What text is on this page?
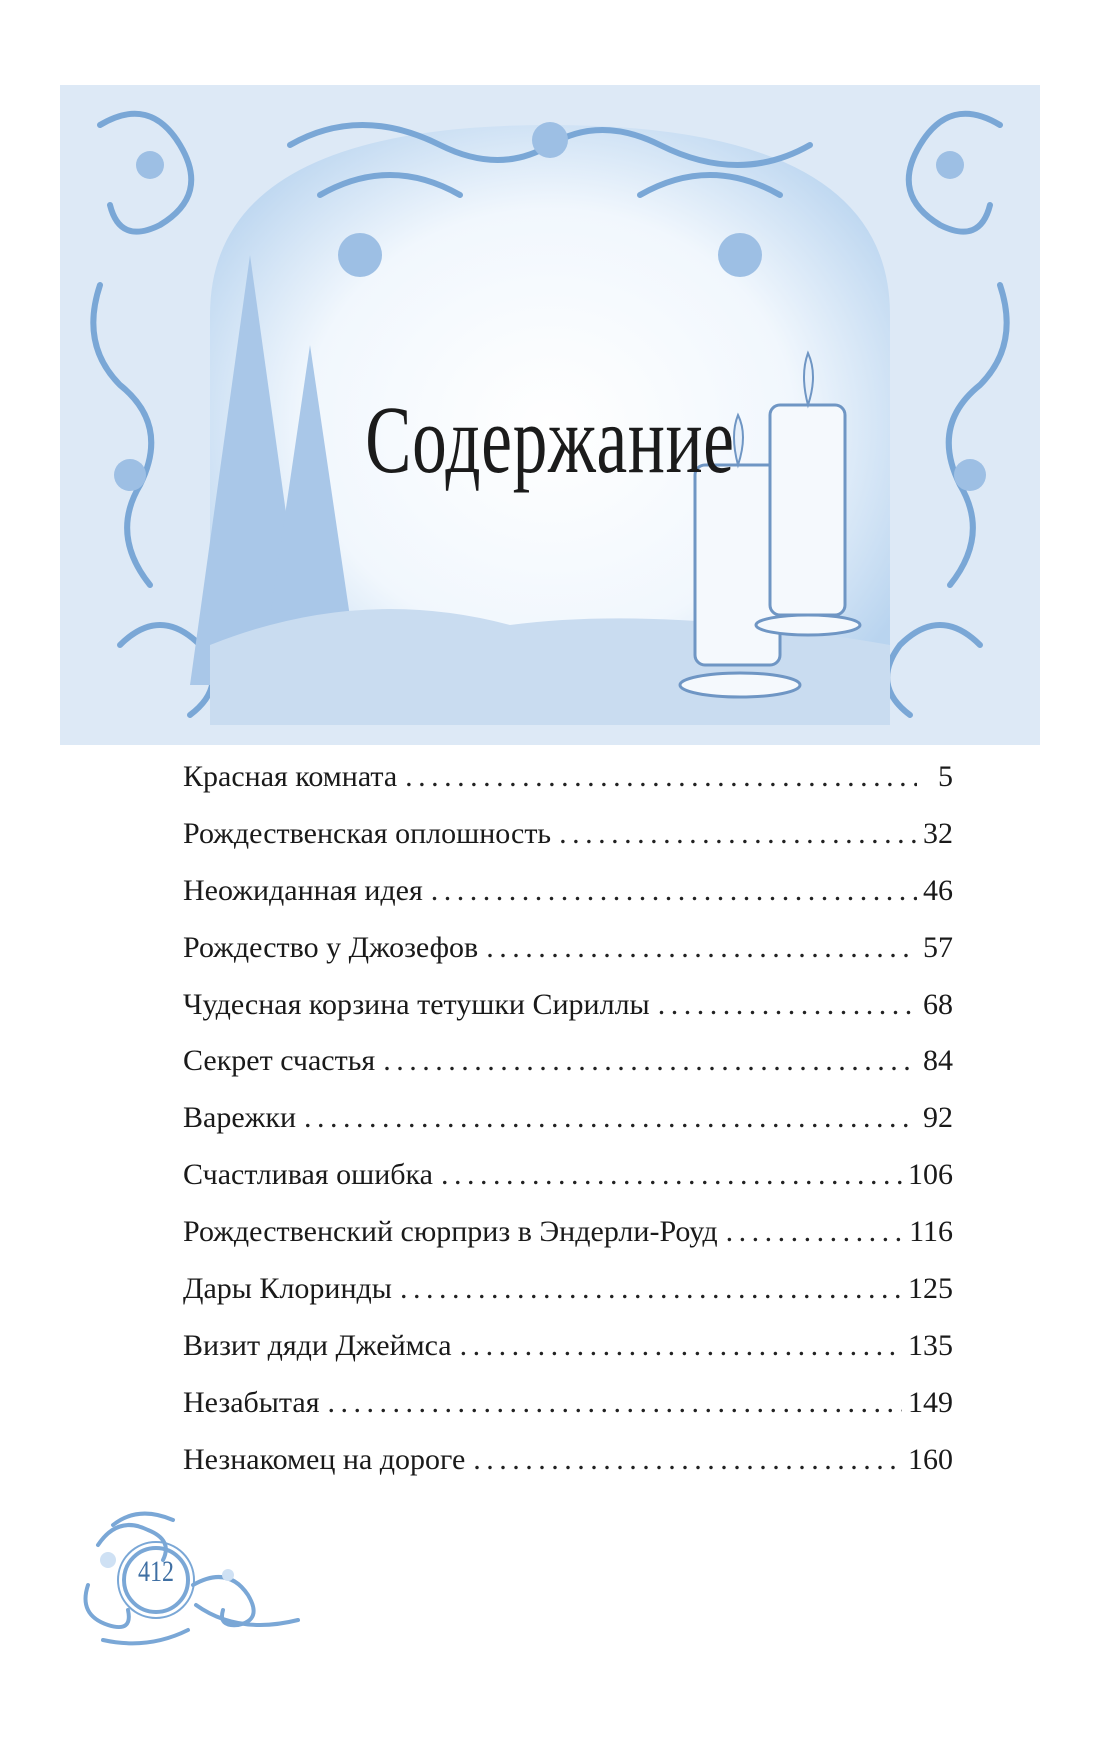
Содержание
Красная комната . . .	5
Рождественская оплошность . . .	32
Неожиданная идея . . .	46
Рождество у Джозефов . . .	57
Чудесная корзина тетушки Сириллы . . .	68
Секрет счастья . . .	84
Варежки . . .	92
Счастливая ошибка . . .	106
Рождественский сюрприз в Эндерли-Роуд . . .	116
Дары Клоринды . . .	125
Визит дяди Джеймса . . .	135
Незабытая . . .	149
Незнакомец на дороге . . .	160
412
